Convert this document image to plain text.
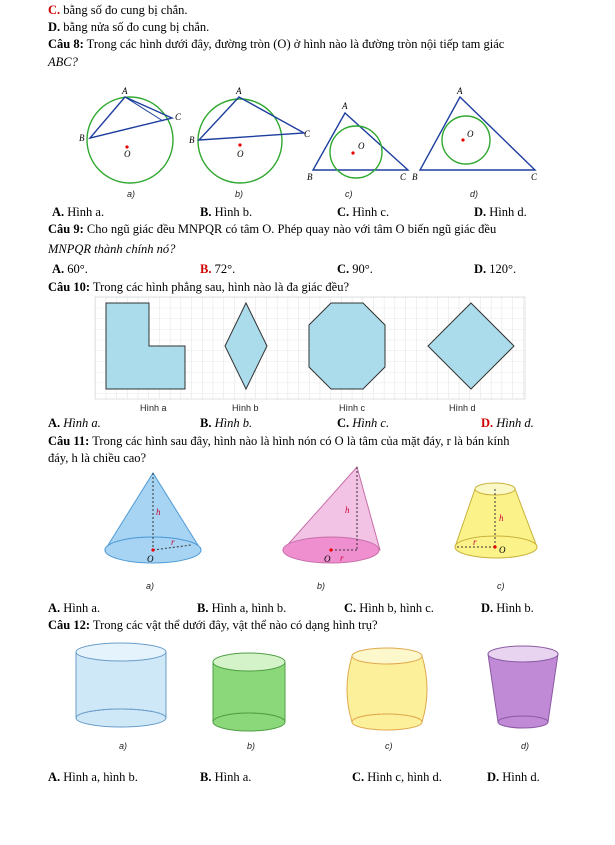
C. bằng số đo cung bị chắn.
D. bằng nửa số đo cung bị chắn.
Câu 8: Trong các hình dưới đây, đường tròn (O) ở hình nào là đường tròn nội tiếp tam giác
ABC?
A
B
C
O
A
B
C
O
A
B	C
O
A
B	C
O
a)	b)	c)	d)
A. Hình a.	B. Hình b.	C. Hình c.	D. Hình d.
Câu 9: Cho ngũ giác đều MNPQR có tâm O. Phép quay nào với tâm O biến ngũ giác đều
MNPQR thành chính nó?
A. 60°.	B. 72°.	C. 90°.	D. 120°.
Câu 10: Trong các hình phẳng sau, hình nào là đa giác đều?
Hình a	Hình b	Hình c	Hình d
A. Hình a.	B. Hình b.	C. Hình c.	D. Hình d.
Câu 11: Trong các hình sau đây, hình nào là hình nón có O là tâm của mặt đáy, r là bán kính
đáy, h là chiều cao?
h
r
O
h
r
O
h
r
O
a)	b)	c)
A. Hình a.	B. Hình a, hình b.	C. Hình b, hình c.	D. Hình b.
Câu 12: Trong các vật thể dưới đây, vật thể nào có dạng hình trụ?
a)	b)	c)	d)
A. Hình a, hình b.	B. Hình a.	C. Hình c, hình d.	D. Hình d.
